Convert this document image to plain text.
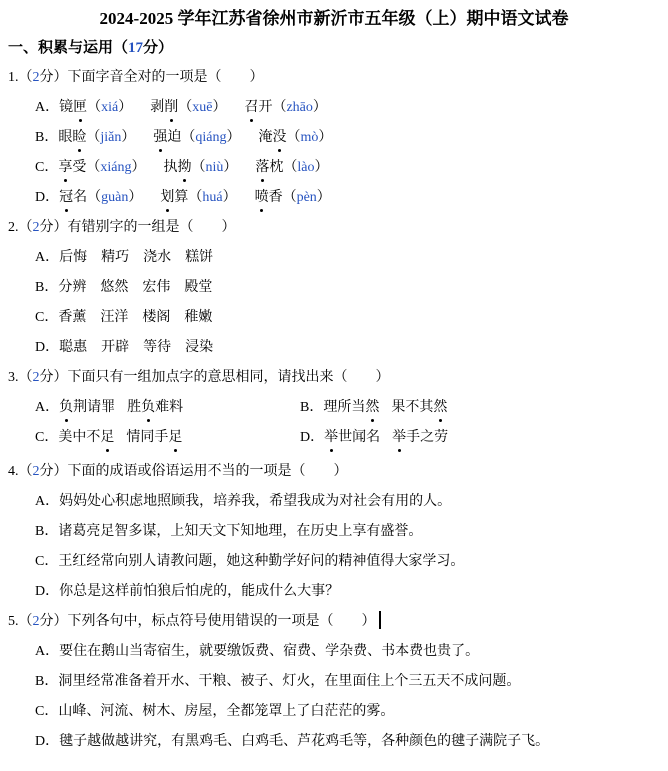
2024-2025 学年江苏省徐州市新沂市五年级（上）期中语文试卷
一、积累与运用（17分）
1.（2分）下面字音全对的一项是（　　）
A．镜匣（xiá） 剥削（xuē） 召开（zhāo）
B．眼睑（jiǎn） 强迫（qiáng） 淹没（mò）
C．享受（xiáng） 执拗（niù） 落枕（lào）
D．冠名（guàn） 划算（huá） 喷香（pèn）
2.（2分）有错别字的一组是（　　）
A．后悔 精巧 浇水 糕饼
B．分辨 悠然 宏伟 殿堂
C．香薰 汪洋 楼阁 稚嫩
D．聪惠 开辟 等待 浸染
3.（2分）下面只有一组加点字的意思相同，请找出来（　　）
A．负荆请罪 胜负难料	B．理所当然 果不其然
C．美中不足 情同手足	D．举世闻名 举手之劳
4.（2分）下面的成语或俗语运用不当的一项是（　　）
A．妈妈处心积虑地照顾我，培养我，希望我成为对社会有用的人。
B．诸葛亮足智多谋，上知天文下知地理，在历史上享有盛誉。
C．王红经常向别人请教问题，她这种勤学好问的精神值得大家学习。
D．你总是这样前怕狼后怕虎的，能成什么大事？
5.（2分）下列各句中，标点符号使用错误的一项是（　　）
A．要住在鹅山当寄宿生，就要缴饭费、宿费、学杂费、书本费也贵了。
B．洞里经常准备着开水、干粮、被子、灯火，在里面住上个三五天不成问题。
C．山峰、河流、树木、房屋，全都笼罩上了白茫茫的雾。
D．毽子越做越讲究，有黑鸡毛、白鸡毛、芦花鸡毛等，各种颜色的毽子满院子飞。
